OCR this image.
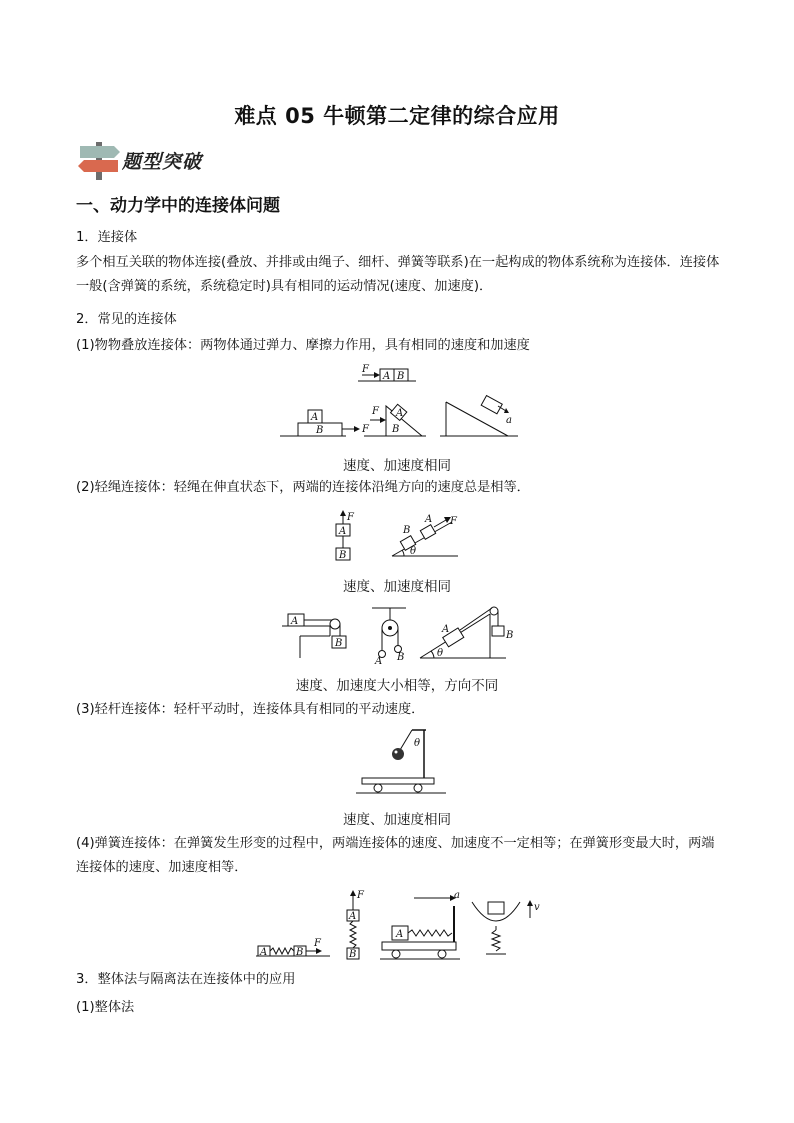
难点 05 牛顿第二定律的综合应用
题型突破
一、动力学中的连接体问题
1．连接体
多个相互关联的物体连接(叠放、并排或由绳子、细杆、弹簧等联系)在一起构成的物体系统称为连接体．连接体一般(含弹簧的系统，系统稳定时)具有相同的运动情况(速度、加速度)．
2．常见的连接体
(1)物物叠放连接体：两物体通过弹力、摩擦力作用，具有相同的速度和加速度
F
A B
A
B	F
A
B
F
a
速度、加速度相同
(2)轻绳连接体：轻绳在伸直状态下，两端的连接体沿绳方向的速度总是相等．
F
A
B
B
A F
θ
速度、加速度相同
A
B
A B
B
A
θ
速度、加速度大小相等，方向不同
(3)轻杆连接体：轻杆平动时，连接体具有相同的平动速度．
θ
速度、加速度相同
(4)弹簧连接体：在弹簧发生形变的过程中，两端连接体的速度、加速度不一定相等；在弹簧形变最大时，两端连接体的速度、加速度相等．
A	B
F
F
A
B
a
A
v
3．整体法与隔离法在连接体中的应用
(1)整体法
